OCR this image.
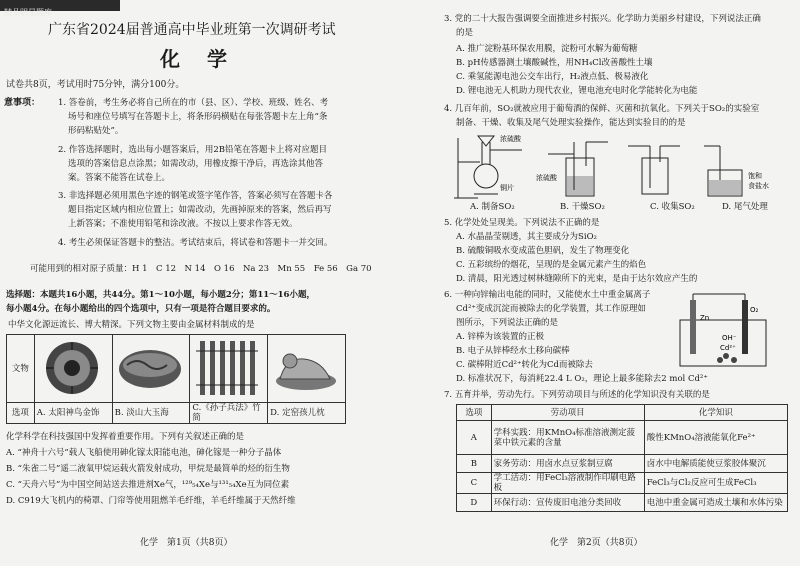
精品明星题库
广东省2024届普通高中毕业班第一次调研考试
化 学
试卷共8页，考试用时75分钟，满分100分。
意事项： 1. 答卷前，考生务必将自己所在的市（县、区）、学校、班级、姓名、考
场号和座位号填写在答题卡上，将条形码横贴在每张答题卡左上角“条
形码粘贴处”。
2. 作答选择题时，选出每小题答案后，用2B铅笔在答题卡上将对应题目
选项的答案信息点涂黑；如需改动，用橡皮擦干净后，再选涂其他答
案。答案不能答在试卷上。
3. 非选择题必须用黑色字迹的钢笔或签字笔作答，答案必须写在答题卡各
题目指定区域内相应位置上；如需改动，先画掉原来的答案，然后再写
上新答案；不准使用铅笔和涂改液。不按以上要求作答无效。
4. 考生必须保证答题卡的整洁。考试结束后，将试卷和答题卡一并交回。
可能用到的相对原子质量：H 1　C 12　N 14　O 16　Na 23　Mn 55　Fe 56　Ga 70
选择题：本题共16小题，共44分。第1～10小题，每小题2分；第11～16小题，
每小题4分。在每小题给出的四个选项中，只有一项是符合题目要求的。
中华文化源远流长、博大精深。下列文物主要由金属材料制成的是
文物				
选项	A. 太阳神鸟金饰	B. 淡山大玉海	C.《孙子兵法》竹简	D. 定窑孩儿枕
化学科学在科技强国中发挥着重要作用。下列有关叙述正确的是
A. “神舟十六号”载人飞船使用砷化镓太阳能电池，砷化镓是一种分子晶体
B. “朱雀二号”遥二液氧甲烷运载火箭发射成功，甲烷是最简单的烃的衍生物
C. “天舟六号”为中国空间站送去推进剂Xe气，¹²⁹₅₄Xe与¹³¹₅₄Xe互为同位素
D. C919大飞机内的椅罩、门帘等使用阻燃羊毛纤维，羊毛纤维属于天然纤维
化学　第1页（共8页）
3. 党的二十大报告强调要全面推进乡村振兴。化学助力美丽乡村建设，下列说法正确
的是
A. 推广淀粉基环保农用膜，淀粉可水解为葡萄糖
B. pH传感器测土壤酸碱性，用NH₄Cl改善酸性土壤
C. 乘氢能源电池公交车出行，H₂液点低、极易液化
D. 锂电池无人机助力现代农业，锂电池充电时化学能转化为电能
4. 几百年前，SO₂就被应用于葡萄酒的保鲜、灭菌和抗氧化。下列关于SO₂的实验室
制备、干燥、收集及尾气处理实验操作，能达到实验目的的是
浓硫酸
铜片
浓硫酸	饱和
食盐水
A. 制备SO₂	B. 干燥SO₂	C. 收集SO₂	D. 尾气处理
5. 化学处处呈现美。下列说法不正确的是
A. 水晶晶莹剔透，其主要成分为SiO₂
B. 硫酸铜吸水变成蓝色胆矾，发生了物理变化
C. 五彩缤纷的烟花，呈现的是金属元素产生的焰色
D. 清晨，阳光透过树林缝隙所下的光束，是由于达尔效应产生的
6. 一种向锌输出电能的同时，又能使水土中重金属离子
Cd²⁺变成沉淀而被除去的化学装置，其工作原理如
图所示，下列说法正确的是
A. 锌棒为该装置的正极
B. 电子从锌棒经水土移向碳棒
C. 碳棒附近Cd²⁺转化为Cd而被除去
D. 标准状况下，每消耗22.4 L O₂，理论上最多能除去2 mol Cd²⁺
Zn
O₂
OH⁻
Cd²⁺
7. 五育并举，劳动先行。下列劳动项目与所述的化学知识没有关联的是
选项	劳动项目	化学知识
A	学科实践：用KMnO₄标准溶液测定菠菜中铁元素的含量	酸性KMnO₄溶液能氧化Fe²⁺
B	家务劳动：用卤水点豆浆制豆腐	卤水中电解质能使豆浆胶体聚沉
C	学工活动：用FeCl₃溶液制作印刷电路板	FeCl₃与Cl₂反应可生成FeCl₃
D	环保行动：宣传废旧电池分类回收	电池中重金属可造成土壤和水体污染
化学　第2页（共8页）
